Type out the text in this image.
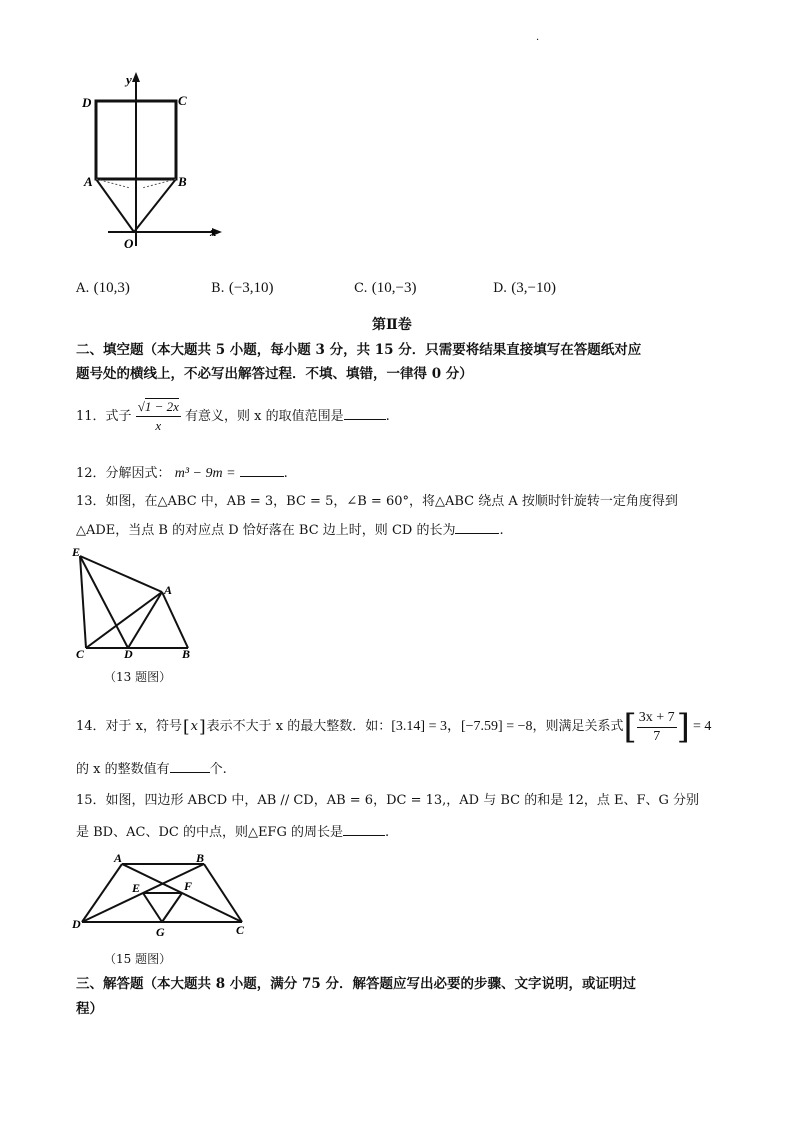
·
D	C
A	B
O
x
y
A. (10,3)	B. (−3,10)	C. (10,−3)	D. (3,−10)
第Ⅱ卷
二、填空题（本大题共 5 小题，每小题 3 分，共 15 分．只需要将结果直接填写在答题纸对应
题号处的横线上，不必写出解答过程．不填、填错，一律得 0 分）
11．式子 $\frac{√1 - 2x}{x}$ 有意义，则 x 的取值范围是	.
12．分解因式： m³ − 9m =	.
13．如图，在△ABC 中，AB = 3，BC = 5，∠B = 60°，将△ABC 绕点 A 按顺时针旋转一定角度得到
△ADE，当点 B 的对应点 D 恰好落在 BC 边上时，则 CD 的长为	.
E
A
C	D	B
（13 题图）
14．对于 x，符号 [ x ] 表示不大于 x 的最大整数．如： [3.14] = 3，[−7.59] = −8 ，则满足关系式 [ $\frac{3x + 7}{7}$ ] = 4
的 x 的整数值有	个.
15．如图，四边形 ABCD 中，AB // CD，AB = 6，DC = 13,，AD 与 BC 的和是 12，点 E、F、G 分别
是 BD、AC、DC 的中点，则△EFG 的周长是	.
A	B
E	F
D
G	C
（15 题图）
三、解答题（本大题共 8 小题，满分 75 分．解答题应写出必要的步骤、文字说明，或证明过
程）
